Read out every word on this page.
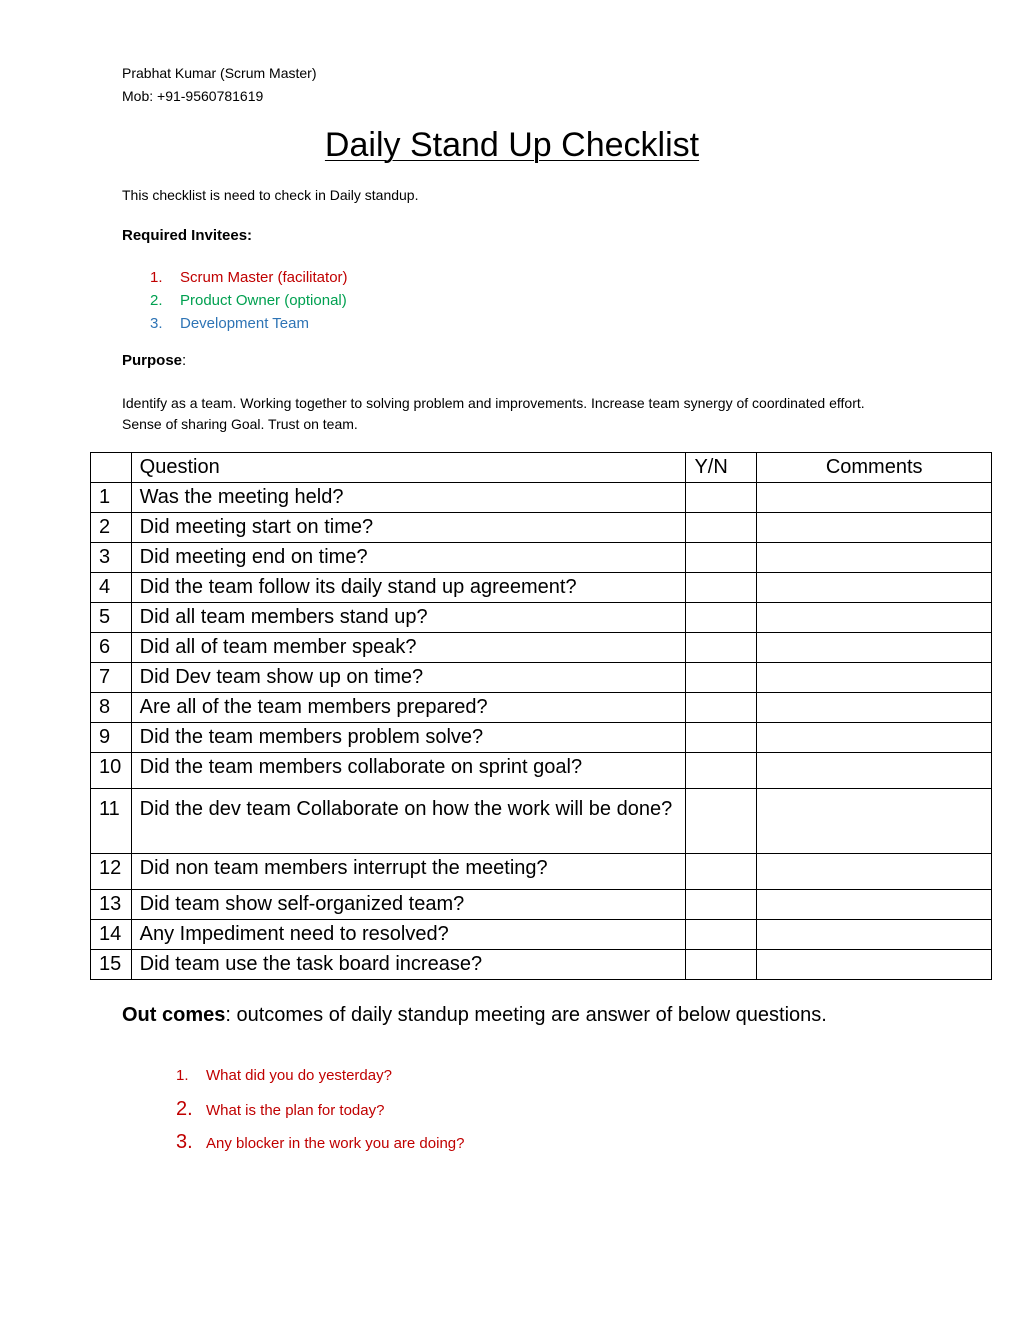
Prabhat Kumar (Scrum Master)
Mob: +91-9560781619
Daily Stand Up Checklist
This checklist is need to check in Daily standup.
Required Invitees:
1. Scrum Master (facilitator)
2. Product Owner (optional)
3. Development Team
Purpose:
Identify as a team. Working together to solving problem and improvements. Increase team synergy of coordinated effort. Sense of sharing Goal. Trust on team.
	Question	Y/N	Comments
1	Was the meeting held?		
2	Did meeting start on time?		
3	Did meeting end on time?		
4	Did the team follow its daily stand up agreement?		
5	Did all team members stand up?		
6	Did all of team member speak?		
7	Did Dev team show up on time?		
8	Are all of the team members prepared?		
9	Did the team members problem solve?		
10	Did the team members collaborate on sprint goal?		
11	Did the dev team Collaborate on how the work will be done?		
12	Did non team members interrupt the meeting?		
13	Did team show self-organized team?		
14	Any Impediment need to resolved?		
15	Did team use the task board increase?		
Out comes: outcomes of daily standup meeting are answer of below questions.
1. What did you do yesterday?
2. What is the plan for today?
3. Any blocker in the work you are doing?
